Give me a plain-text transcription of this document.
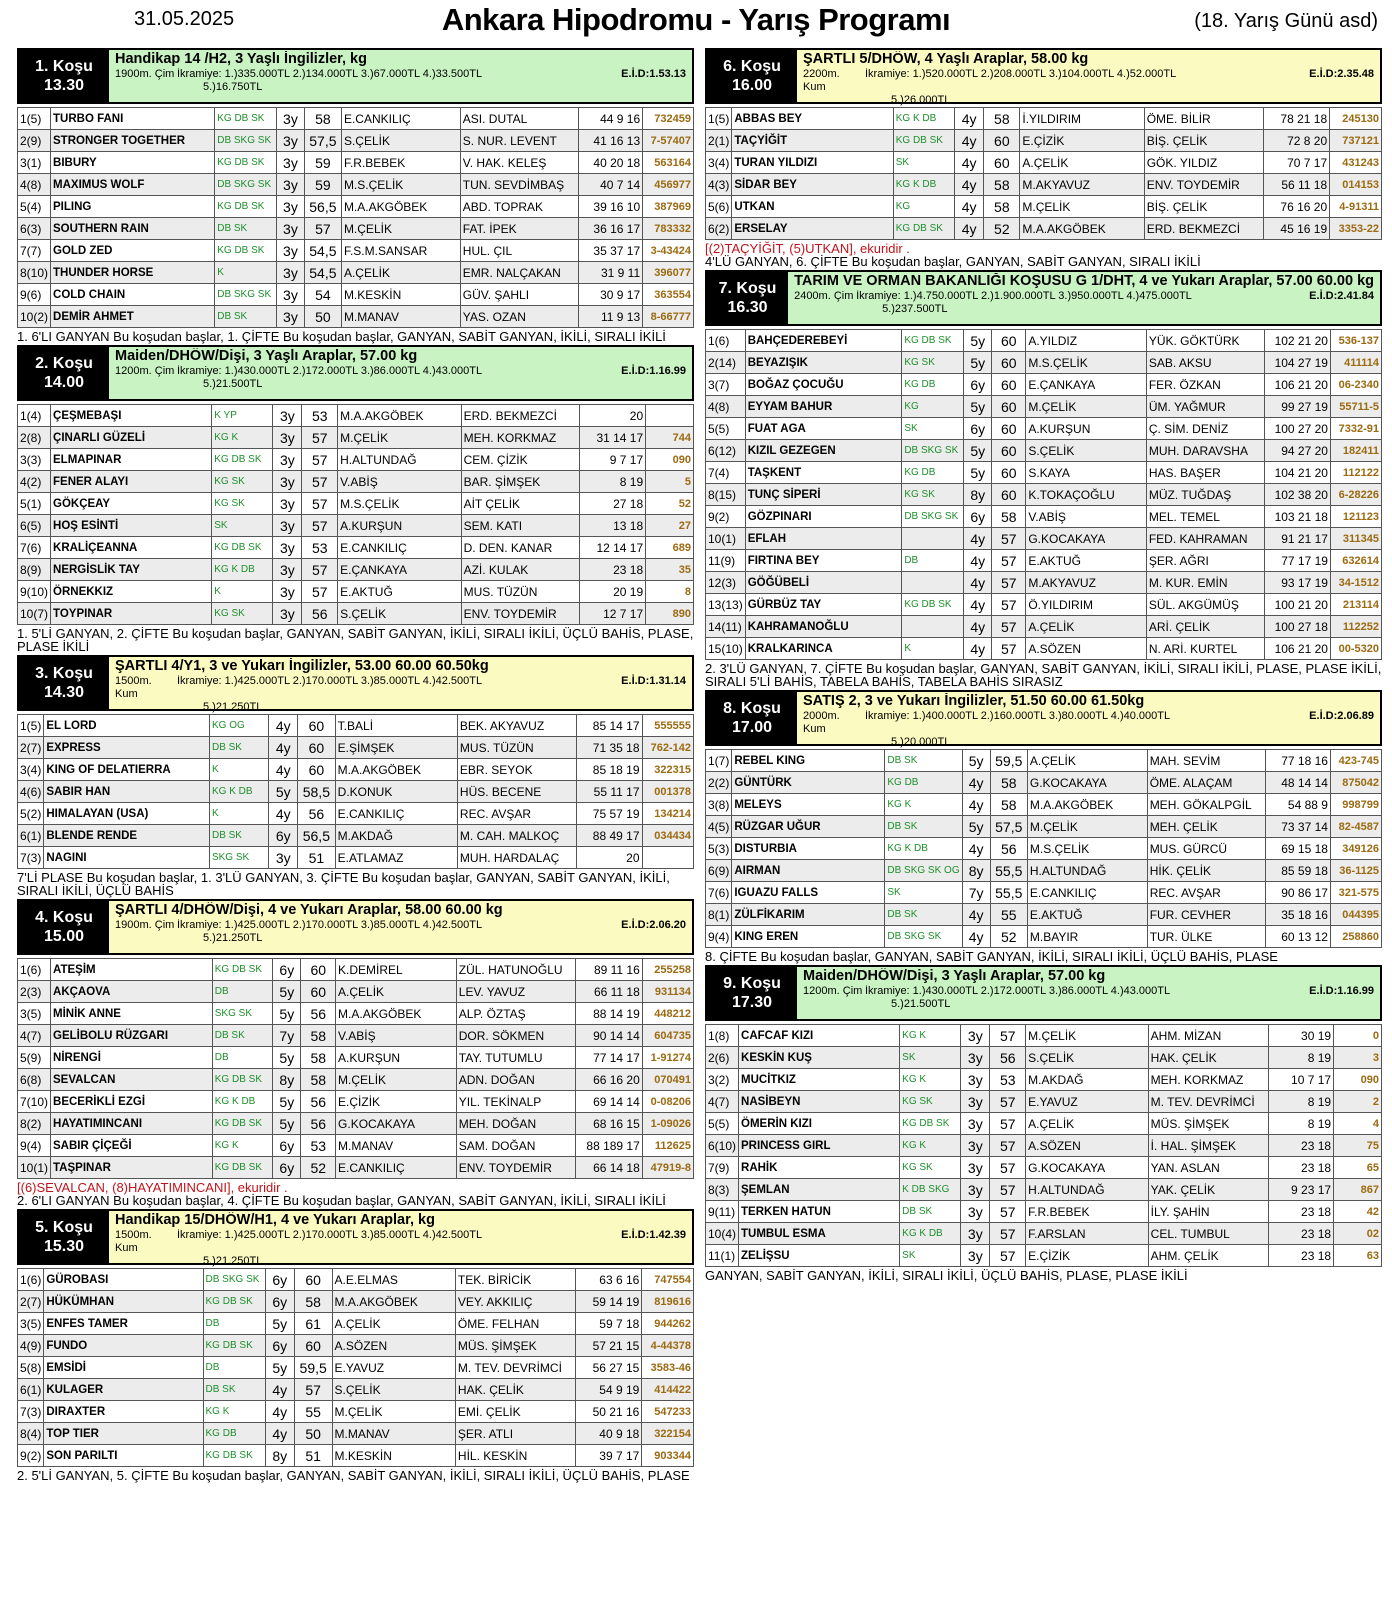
31.05.2025	Ankara Hipodromu - Yarış Programı	(18. Yarış Günü asd)
1. Koşu
13.30
Handikap 14 /H2, 3 Yaşlı İngilizler, kg
1900m. Çim İkramiye: 1.)335.000TL 2.)134.000TL 3.)67.000TL 4.)33.500TL	E.İ.D:1.53.13
5.)16.750TL
1(5)	TURBO FANI	KG DB SK	3y	58	E.CANKILIÇ	ASI. DUTAL	44 9 16	732459
2(9)	STRONGER TOGETHER	DB SKG SK	3y	57,5	S.ÇELİK	S. NUR. LEVENT	41 16 13	7-57407
3(1)	BIBURY	KG DB SK	3y	59	F.R.BEBEK	V. HAK. KELEŞ	40 20 18	563164
4(8)	MAXIMUS WOLF	DB SKG SK	3y	59	M.S.ÇELİK	TUN. SEVDİMBAŞ	40 7 14	456977
5(4)	PILING	KG DB SK	3y	56,5	M.A.AKGÖBEK	ABD. TOPRAK	39 16 10	387969
6(3)	SOUTHERN RAIN	DB SK	3y	57	M.ÇELİK	FAT. İPEK	36 16 17	783332
7(7)	GOLD ZED	KG DB SK	3y	54,5	F.S.M.SANSAR	HUL. ÇIL	35 37 17	3-43424
8(10)	THUNDER HORSE	K	3y	54,5	A.ÇELİK	EMR. NALÇAKAN	31 9 11	396077
9(6)	COLD CHAIN	DB SKG SK	3y	54	M.KESKİN	GÜV. ŞAHLI	30 9 17	363554
10(2)	DEMİR AHMET	DB SK	3y	50	M.MANAV	YAS. OZAN	11 9 13	8-66777
1. 6'LI GANYAN Bu koşudan başlar, 1. ÇİFTE Bu koşudan başlar, GANYAN, SABİT GANYAN, İKİLİ, SIRALI İKİLİ
2. Koşu
14.00
Maiden/DHÖW/Dişi, 3 Yaşlı Araplar, 57.00 kg
1200m. Çim İkramiye: 1.)430.000TL 2.)172.000TL 3.)86.000TL 4.)43.000TL	E.İ.D:1.16.99
5.)21.500TL
1(4)	ÇEŞMEBAŞI	K YP	3y	53	M.A.AKGÖBEK	ERD. BEKMEZCİ	20	
2(8)	ÇINARLI GÜZELİ	KG K	3y	57	M.ÇELİK	MEH. KORKMAZ	31 14 17	744
3(3)	ELMAPINAR	KG DB SK	3y	57	H.ALTUNDAĞ	CEM. ÇİZİK	9 7 17	090
4(2)	FENER ALAYI	KG SK	3y	57	V.ABİŞ	BAR. ŞİMŞEK	8 19	5
5(1)	GÖKÇEAY	KG SK	3y	57	M.S.ÇELİK	AİT ÇELİK	27 18	52
6(5)	HOŞ ESİNTİ	SK	3y	57	A.KURŞUN	SEM. KATI	13 18	27
7(6)	KRALİÇEANNA	KG DB SK	3y	53	E.CANKILIÇ	D. DEN. KANAR	12 14 17	689
8(9)	NERGİSLİK TAY	KG K DB	3y	57	E.ÇANKAYA	AZİ. KULAK	23 18	35
9(10)	ÖRNEKKIZ	K	3y	57	E.AKTUĞ	MUS. TÜZÜN	20 19	8
10(7)	TOYPINAR	KG SK	3y	56	S.ÇELİK	ENV. TOYDEMİR	12 7 17	890
1. 5'Lİ GANYAN, 2. ÇİFTE Bu koşudan başlar, GANYAN, SABİT GANYAN, İKİLİ, SIRALI İKİLİ, ÜÇLÜ BAHİS, PLASE, PLASE İKİLİ
3. Koşu
14.30
ŞARTLI 4/Y1, 3 ve Yukarı İngilizler, 53.00 60.00 60.50kg
1500m. Kum
İkramiye: 1.)425.000TL 2.)170.000TL 3.)85.000TL 4.)42.500TL	E.İ.D:1.31.14
5.)21.250TL
1(5)	EL LORD	KG OG	4y	60	T.BALİ	BEK. AKYAVUZ	85 14 17	555555
2(7)	EXPRESS	DB SK	4y	60	E.ŞİMŞEK	MUS. TÜZÜN	71 35 18	762-142
3(4)	KING OF DELATIERRA	K	4y	60	M.A.AKGÖBEK	EBR. SEYOK	85 18 19	322315
4(6)	SABIR HAN	KG K DB	5y	58,5	D.KONUK	HÜS. BECENE	55 11 17	001378
5(2)	HIMALAYAN (USA)	K	4y	56	E.CANKILIÇ	REC. AVŞAR	75 57 19	134214
6(1)	BLENDE RENDE	DB SK	6y	56,5	M.AKDAĞ	M. CAH. MALKOÇ	88 49 17	034434
7(3)	NAGINI	SKG SK	3y	51	E.ATLAMAZ	MUH. HARDALAÇ	20	
7'Lİ PLASE Bu koşudan başlar, 1. 3'LÜ GANYAN, 3. ÇİFTE Bu koşudan başlar, GANYAN, SABİT GANYAN, İKİLİ, SIRALI İKİLİ, ÜÇLÜ BAHİS
4. Koşu
15.00
ŞARTLI 4/DHÖW/Dişi, 4 ve Yukarı Araplar, 58.00 60.00 kg
1900m. Çim İkramiye: 1.)425.000TL 2.)170.000TL 3.)85.000TL 4.)42.500TL	E.İ.D:2.06.20
5.)21.250TL
1(6)	ATEŞİM	KG DB SK	6y	60	K.DEMİREL	ZÜL. HATUNOĞLU	89 11 16	255258
2(3)	AKÇAOVA	DB	5y	60	A.ÇELİK	LEV. YAVUZ	66 11 18	931134
3(5)	MİNİK ANNE	SKG SK	5y	56	M.A.AKGÖBEK	ALP. ÖZTAŞ	88 14 19	448212
4(7)	GELİBOLU RÜZGARI	DB SK	7y	58	V.ABİŞ	DOR. SÖKMEN	90 14 14	604735
5(9)	NİRENGİ	DB	5y	58	A.KURŞUN	TAY. TUTUMLU	77 14 17	1-91274
6(8)	SEVALCAN	KG DB SK	8y	58	M.ÇELİK	ADN. DOĞAN	66 16 20	070491
7(10)	BECERİKLİ EZGİ	KG K DB	5y	56	E.ÇİZİK	YIL. TEKİNALP	69 14 14	0-08206
8(2)	HAYATIMINCANI	KG DB SK	5y	56	G.KOCAKAYA	MEH. DOĞAN	68 16 15	1-09026
9(4)	SABIR ÇİÇEĞİ	KG K	6y	53	M.MANAV	SAM. DOĞAN	88 189 17	112625
10(1)	TAŞPINAR	KG DB SK	6y	52	E.CANKILIÇ	ENV. TOYDEMİR	66 14 18	47919-8
[(6)SEVALCAN, (8)HAYATIMINCANI], ekuridir .
2. 6'LI GANYAN Bu koşudan başlar, 4. ÇİFTE Bu koşudan başlar, GANYAN, SABİT GANYAN, İKİLİ, SIRALI İKİLİ
5. Koşu
15.30
Handikap 15/DHÖW/H1, 4 ve Yukarı Araplar, kg
1500m. Kum
İkramiye: 1.)425.000TL 2.)170.000TL 3.)85.000TL 4.)42.500TL	E.İ.D:1.42.39
5.)21.250TL
1(6)	GÜROBASI	DB SKG SK	6y	60	A.E.ELMAS	TEK. BİRİCİK	63 6 16	747554
2(7)	HÜKÜMHAN	KG DB SK	6y	58	M.A.AKGÖBEK	VEY. AKKILIÇ	59 14 19	819616
3(5)	ENFES TAMER	DB	5y	61	A.ÇELİK	ÖME. FELHAN	59 7 18	944262
4(9)	FUNDO	KG DB SK	6y	60	A.SÖZEN	MÜS. ŞİMŞEK	57 21 15	4-44378
5(8)	EMSİDİ	DB	5y	59,5	E.YAVUZ	M. TEV. DEVRİMCİ	56 27 15	3583-46
6(1)	KULAGER	DB SK	4y	57	S.ÇELİK	HAK. ÇELİK	54 9 19	414422
7(3)	DIRAXTER	KG K	4y	55	M.ÇELİK	EMİ. ÇELİK	50 21 16	547233
8(4)	TOP TIER	KG DB	4y	50	M.MANAV	ŞER. ATLI	40 9 18	322154
9(2)	SON PARILTI	KG DB SK	8y	51	M.KESKİN	HİL. KESKİN	39 7 17	903344
2. 5'Lİ GANYAN, 5. ÇİFTE Bu koşudan başlar, GANYAN, SABİT GANYAN, İKİLİ, SIRALI İKİLİ, ÜÇLÜ BAHİS, PLASE
6. Koşu
16.00
ŞARTLI 5/DHÖW, 4 Yaşlı Araplar, 58.00 kg
2200m. Kum
İkramiye: 1.)520.000TL 2.)208.000TL 3.)104.000TL 4.)52.000TL	E.İ.D:2.35.48
5.)26.000TL
1(5)	ABBAS BEY	KG K DB	4y	58	İ.YILDIRIM	ÖME. BİLİR	78 21 18	245130
2(1)	TAÇYİĞİT	KG DB SK	4y	60	E.ÇİZİK	BİŞ. ÇELİK	72 8 20	737121
3(4)	TURAN YILDIZI	SK	4y	60	A.ÇELİK	GÖK. YILDIZ	70 7 17	431243
4(3)	SİDAR BEY	KG K DB	4y	58	M.AKYAVUZ	ENV. TOYDEMİR	56 11 18	014153
5(6)	UTKAN	KG	4y	58	M.ÇELİK	BİŞ. ÇELİK	76 16 20	4-91311
6(2)	ERSELAY	KG DB SK	4y	52	M.A.AKGÖBEK	ERD. BEKMEZCİ	45 16 19	3353-22
[(2)TAÇYİĞİT, (5)UTKAN], ekuridir .
4'LÜ GANYAN, 6. ÇİFTE Bu koşudan başlar, GANYAN, SABİT GANYAN, SIRALI İKİLİ
7. Koşu
16.30
TARIM VE ORMAN BAKANLIĞI KOŞUSU G 1/DHT, 4 ve Yukarı Araplar, 57.00 60.00 kg
2400m. Çim İkramiye: 1.)4.750.000TL 2.)1.900.000TL 3.)950.000TL 4.)475.000TL	E.İ.D:2.41.84
5.)237.500TL
1(6)	BAHÇEDEREBEYİ	KG DB SK	5y	60	A.YILDIZ	YÜK. GÖKTÜRK	102 21 20	536-137
2(14)	BEYAZIŞIK	KG SK	5y	60	M.S.ÇELİK	SAB. AKSU	104 27 19	411114
3(7)	BOĞAZ ÇOCUĞU	KG DB	6y	60	E.ÇANKAYA	FER. ÖZKAN	106 21 20	06-2340
4(8)	EYYAM BAHUR	KG	5y	60	M.ÇELİK	ÜM. YAĞMUR	99 27 19	55711-5
5(5)	FUAT AGA	SK	6y	60	A.KURŞUN	Ç. SİM. DENİZ	100 27 20	7332-91
6(12)	KIZIL GEZEGEN	DB SKG SK	5y	60	S.ÇELİK	MUH. DARAVSHA	94 27 20	182411
7(4)	TAŞKENT	KG DB	5y	60	S.KAYA	HAS. BAŞER	104 21 20	112122
8(15)	TUNÇ SİPERİ	KG SK	8y	60	K.TOKAÇOĞLU	MÜZ. TUĞDAŞ	102 38 20	6-28226
9(2)	GÖZPINARI	DB SKG SK	6y	58	V.ABİŞ	MEL. TEMEL	103 21 18	121123
10(1)	EFLAH		4y	57	G.KOCAKAYA	FED. KAHRAMAN	91 21 17	311345
11(9)	FIRTINA BEY	DB	4y	57	E.AKTUĞ	ŞER. AĞRI	77 17 19	632614
12(3)	GÖĞÜBELİ		4y	57	M.AKYAVUZ	M. KUR. EMİN	93 17 19	34-1512
13(13)	GÜRBÜZ TAY	KG DB SK	4y	57	Ö.YILDIRIM	SÜL. AKGÜMÜŞ	100 21 20	213114
14(11)	KAHRAMANOĞLU		4y	57	A.ÇELİK	ARİ. ÇELİK	100 27 18	112252
15(10)	KRALKARINCA	K	4y	57	A.SÖZEN	N. ARİ. KURTEL	106 21 20	00-5320
2. 3'LÜ GANYAN, 7. ÇİFTE Bu koşudan başlar, GANYAN, SABİT GANYAN, İKİLİ, SIRALI İKİLİ, PLASE, PLASE İKİLİ, SIRALI 5'Lİ BAHİS, TABELA BAHİS, TABELA BAHİS SIRASIZ
8. Koşu
17.00
SATIŞ 2, 3 ve Yukarı İngilizler, 51.50 60.00 61.50kg
2000m. Kum
İkramiye: 1.)400.000TL 2.)160.000TL 3.)80.000TL 4.)40.000TL	E.İ.D:2.06.89
5.)20.000TL
1(7)	REBEL KING	DB SK	5y	59,5	A.ÇELİK	MAH. SEVİM	77 18 16	423-745
2(2)	GÜNTÜRK	KG DB	4y	58	G.KOCAKAYA	ÖME. ALAÇAM	48 14 14	875042
3(8)	MELEYS	KG K	4y	58	M.A.AKGÖBEK	MEH. GÖKALPGİL	54 88 9	998799
4(5)	RÜZGAR UĞUR	DB SK	5y	57,5	M.ÇELİK	MEH. ÇELİK	73 37 14	82-4587
5(3)	DISTURBIA	KG K DB	4y	56	M.S.ÇELİK	MUS. GÜRCÜ	69 15 18	349126
6(9)	AIRMAN	DB SKG SK OG	8y	55,5	H.ALTUNDAĞ	HİK. ÇELİK	85 59 18	36-1125
7(6)	IGUAZU FALLS	SK	7y	55,5	E.CANKILIÇ	REC. AVŞAR	90 86 17	321-575
8(1)	ZÜLFİKARIM	DB SK	4y	55	E.AKTUĞ	FUR. CEVHER	35 18 16	044395
9(4)	KING EREN	DB SKG SK	4y	52	M.BAYIR	TUR. ÜLKE	60 13 12	258860
8. ÇİFTE Bu koşudan başlar, GANYAN, SABİT GANYAN, İKİLİ, SIRALI İKİLİ, ÜÇLÜ BAHİS, PLASE
9. Koşu
17.30
Maiden/DHÖW/Dişi, 3 Yaşlı Araplar, 57.00 kg
1200m. Çim İkramiye: 1.)430.000TL 2.)172.000TL 3.)86.000TL 4.)43.000TL	E.İ.D:1.16.99
5.)21.500TL
1(8)	CAFCAF KIZI	KG K	3y	57	M.ÇELİK	AHM. MİZAN	30 19	0
2(6)	KESKİN KUŞ	SK	3y	56	S.ÇELİK	HAK. ÇELİK	8 19	3
3(2)	MUCİTKIZ	KG K	3y	53	M.AKDAĞ	MEH. KORKMAZ	10 7 17	090
4(7)	NASİBEYN	KG SK	3y	57	E.YAVUZ	M. TEV. DEVRİMCİ	8 19	2
5(5)	ÖMERİN KIZI	KG DB SK	3y	57	A.ÇELİK	MÜS. ŞİMŞEK	8 19	4
6(10)	PRINCESS GIRL	KG K	3y	57	A.SÖZEN	İ. HAL. ŞİMŞEK	23 18	75
7(9)	RAHİK	KG SK	3y	57	G.KOCAKAYA	YAN. ASLAN	23 18	65
8(3)	ŞEMLAN	K DB SKG	3y	57	H.ALTUNDAĞ	YAK. ÇELİK	9 23 17	867
9(11)	TERKEN HATUN	DB SK	3y	57	F.R.BEBEK	İLY. ŞAHİN	23 18	42
10(4)	TUMBUL ESMA	KG K DB	3y	57	F.ARSLAN	CEL. TUMBUL	23 18	02
11(1)	ZELİŞSU	SK	3y	57	E.ÇİZİK	AHM. ÇELİK	23 18	63
GANYAN, SABİT GANYAN, İKİLİ, SIRALI İKİLİ, ÜÇLÜ BAHİS, PLASE, PLASE İKİLİ
